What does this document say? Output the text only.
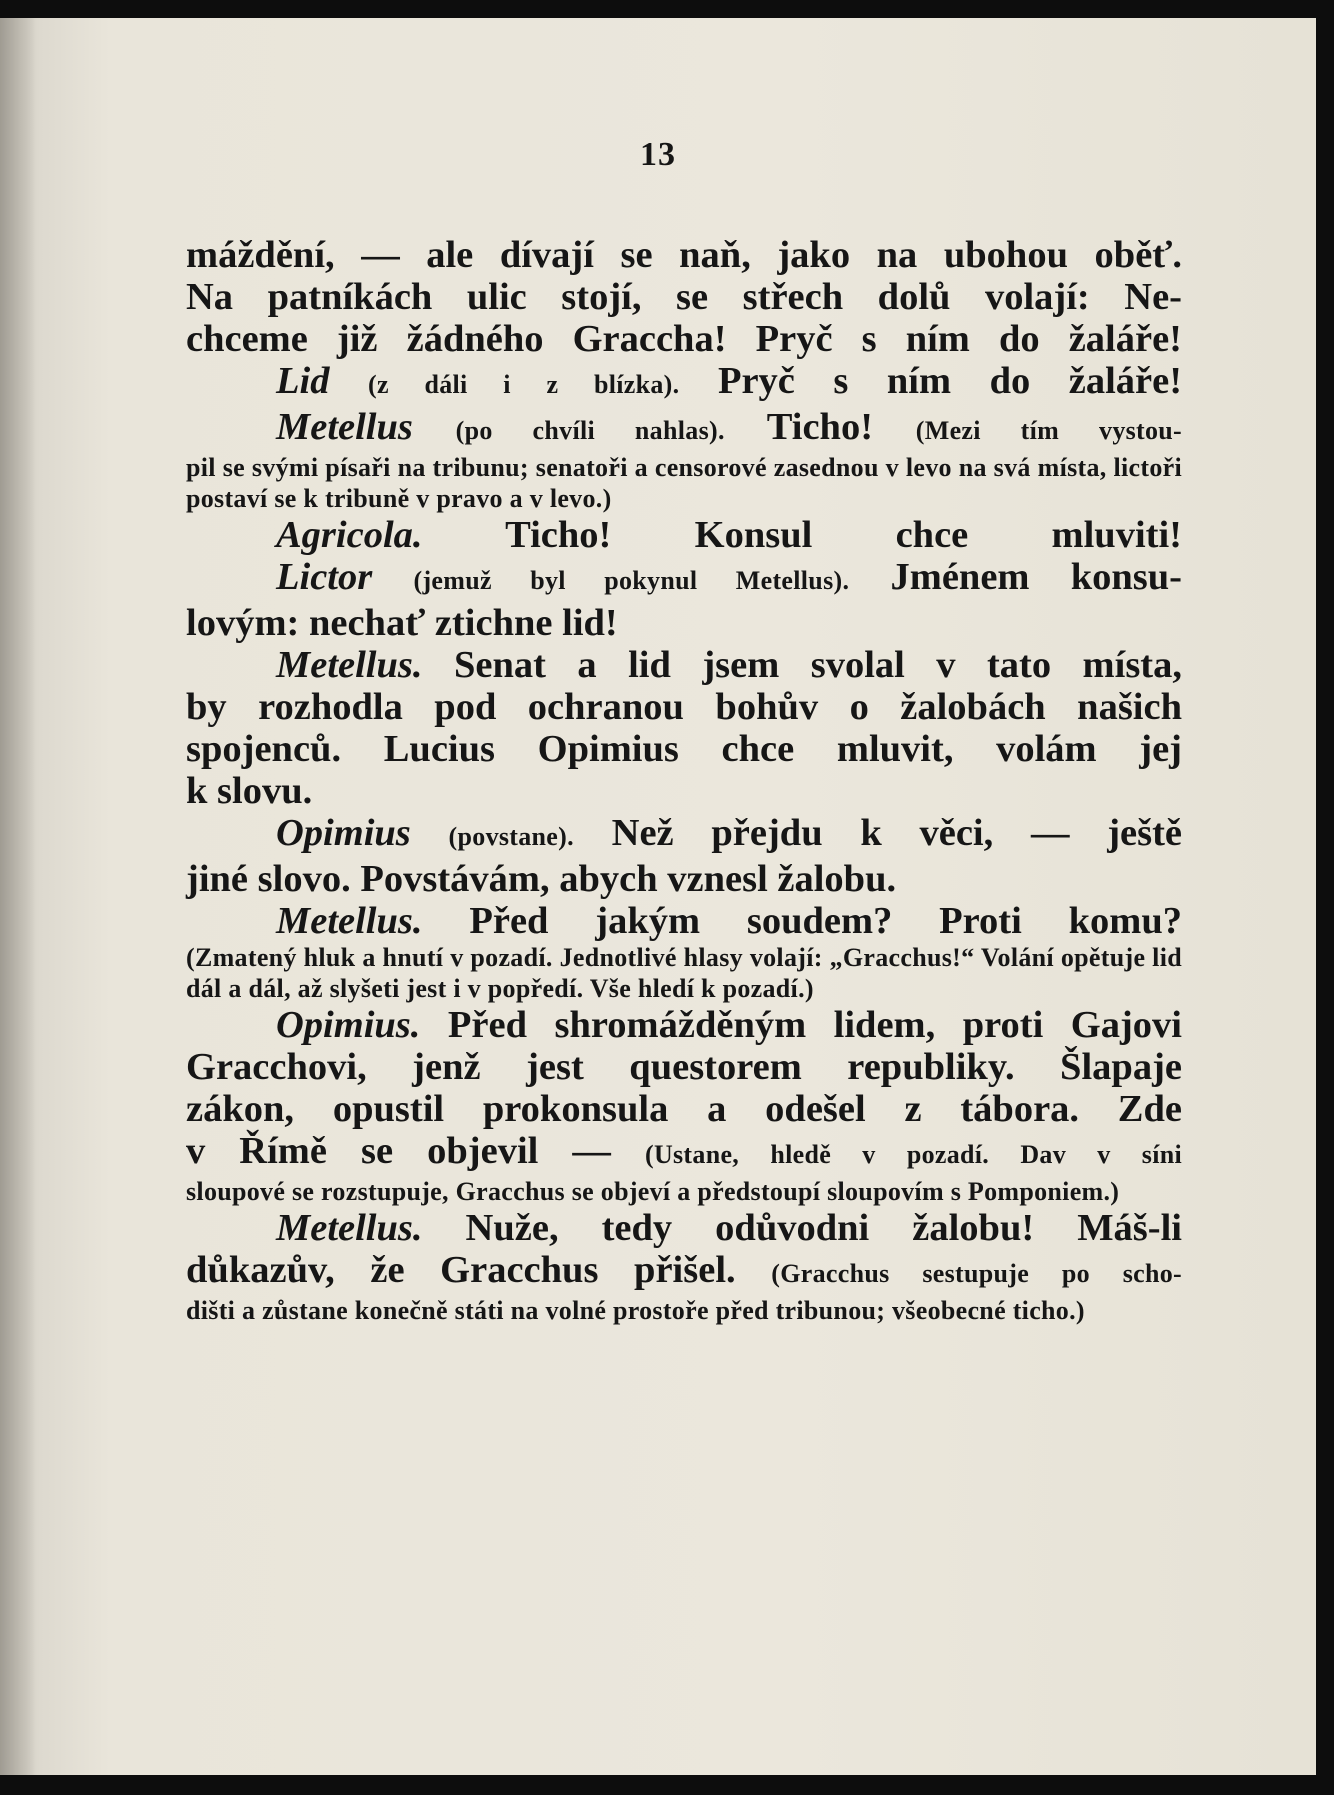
13

máždění, — ale dívají se naň, jako na ubohou oběť.

Na patníkách ulic stojí, se střech dolů volají: Ne-

chceme již žádného Graccha! Pryč s ním do žaláře!

Lid (z dáli i z blízka). Pryč s ním do žaláře!

Metellus (po chvíli nahlas). Ticho! (Mezi tím vystou-

pil se svými písaři na tribunu; senatoři a censorové zasednou v levo na svá místa, lictoři postaví se k tribuně v pravo a v levo.)

Agricola. Ticho! Konsul chce mluviti!

Lictor (jemuž byl pokynul Metellus). Jménem konsu-

lovým: nechať ztichne lid!

Metellus. Senat a lid jsem svolal v tato místa,

by rozhodla pod ochranou bohův o žalobách našich

spojenců. Lucius Opimius chce mluvit, volám jej

k slovu.

Opimius (povstane). Než přejdu k věci, — ještě

jiné slovo. Povstávám, abych vznesl žalobu.

Metellus. Před jakým soudem? Proti komu?

(Zmatený hluk a hnutí v pozadí. Jednotlivé hlasy volají: „Gracchus!“ Volání opětuje lid dál a dál, až slyšeti jest i v popředí. Vše hledí k pozadí.)

Opimius. Před shromážděným lidem, proti Gajovi

Gracchovi, jenž jest questorem republiky. Šlapaje

zákon, opustil prokonsula a odešel z tábora. Zde

v Římě se objevil — (Ustane, hledě v pozadí. Dav v síni

sloupové se rozstupuje, Gracchus se objeví a předstoupí sloupovím s Pomponiem.)

Metellus. Nuže, tedy odůvodni žalobu! Máš-li

důkazův, že Gracchus přišel. (Gracchus sestupuje po scho-

dišti a zůstane konečně státi na volné prostoře před tribunou; všeobecné ticho.)
